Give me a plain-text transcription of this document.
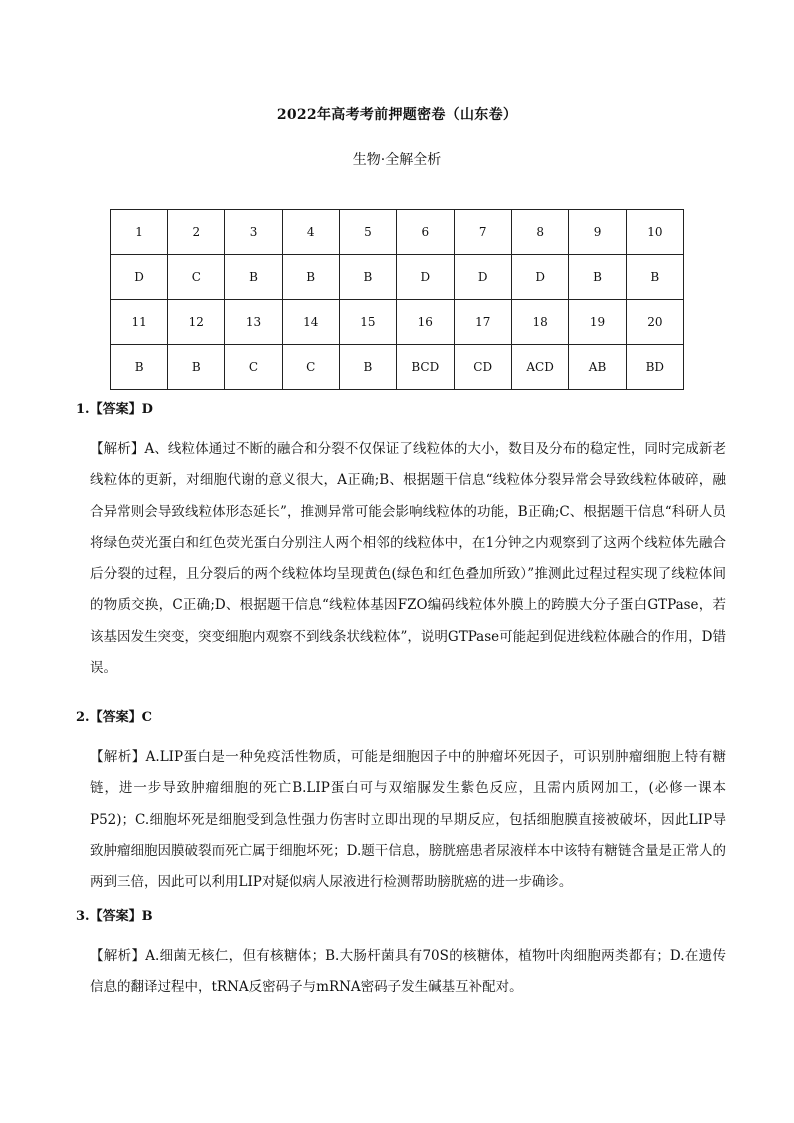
2022年高考考前押题密卷（山东卷）
生物·全解全析
1	2	3	4	5	6	7	8	9	10
D	C	B	B	B	D	D	D	B	B
11	12	13	14	15	16	17	18	19	20
B	B	C	C	B	BCD	CD	ACD	AB	BD
1.【答案】D
【解析】A、线粒体通过不断的融合和分裂不仅保证了线粒体的大小，数目及分布的稳定性，同时完成新老线粒体的更新，对细胞代谢的意义很大，A正确;B、根据题干信息“线粒体分裂异常会导致线粒体破碎，融合异常则会导致线粒体形态延长”，推测异常可能会影响线粒体的功能，B正确;C、根据题干信息“科研人员将绿色荧光蛋白和红色荧光蛋白分别注人两个相邻的线粒体中，在1分钟之内观察到了这两个线粒体先融合后分裂的过程，且分裂后的两个线粒体均呈现黄色(绿色和红色叠加所致）”推测此过程过程实现了线粒体间的物质交换，C正确;D、根据题干信息“线粒体基因FZO编码线粒体外膜上的跨膜大分子蛋白GTPase，若该基因发生突变，突变细胞内观察不到线条状线粒体”，说明GTPase可能起到促进线粒体融合的作用，D错误。
2.【答案】C
【解析】A.LIP蛋白是一种免疫活性物质，可能是细胞因子中的肿瘤坏死因子，可识别肿瘤细胞上特有糖链，进一步导致肿瘤细胞的死亡B.LIP蛋白可与双缩脲发生紫色反应，且需内质网加工，(必修一课本P52)；C.细胞坏死是细胞受到急性强力伤害时立即出现的早期反应，包括细胞膜直接被破坏，因此LIP导致肿瘤细胞因膜破裂而死亡属于细胞坏死；D.题干信息，膀胱癌患者尿液样本中该特有糖链含量是正常人的两到三倍，因此可以利用LIP对疑似病人尿液进行检测帮助膀胱癌的进一步确诊。
3.【答案】B
【解析】A.细菌无核仁，但有核糖体；B.大肠杆菌具有70S的核糖体，植物叶肉细胞两类都有；D.在遗传信息的翻译过程中，tRNA反密码子与mRNA密码子发生碱基互补配对。
